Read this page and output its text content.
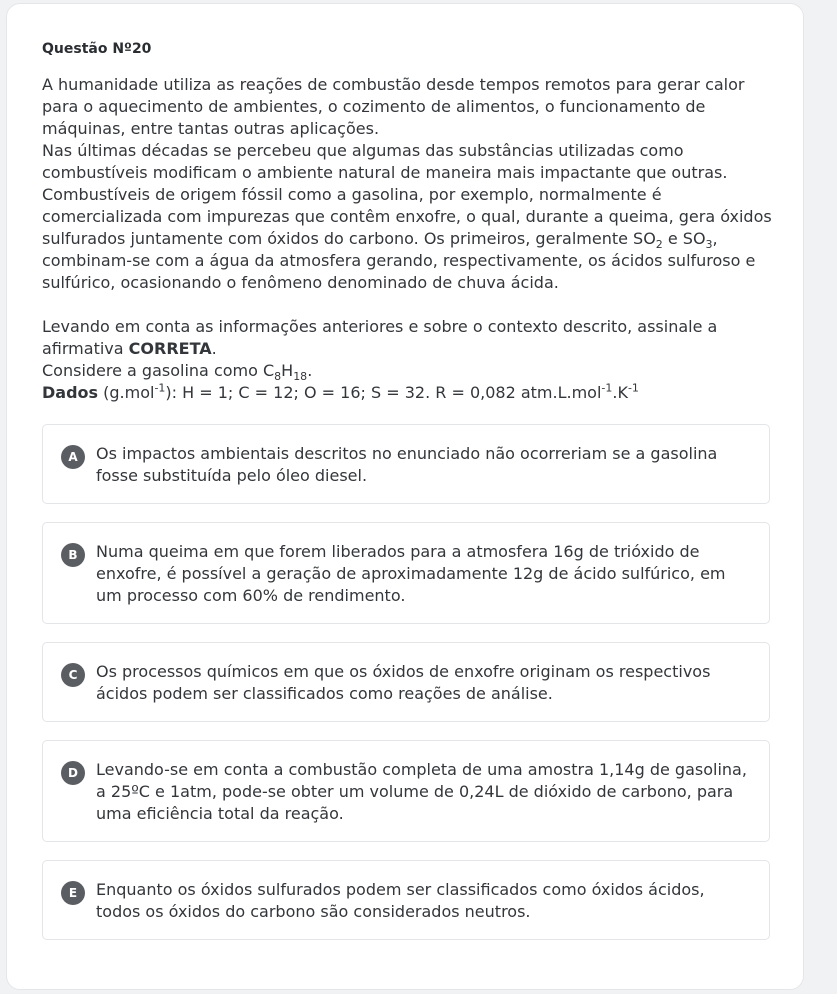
Questão Nº20

A humanidade utiliza as reações de combustão desde tempos remotos para gerar calor para o aquecimento de ambientes, o cozimento de alimentos, o funcionamento de máquinas, entre tantas outras aplicações.

Nas últimas décadas se percebeu que algumas das substâncias utilizadas como combustíveis modificam o ambiente natural de maneira mais impactante que outras.

Combustíveis de origem fóssil como a gasolina, por exemplo, normalmente é comercializada com impurezas que contêm enxofre, o qual, durante a queima, gera óxidos sulfurados juntamente com óxidos do carbono. Os primeiros, geralmente $SO_2$ e $SO_3$, combinam-se com a água da atmosfera gerando, respectivamente, os ácidos sulfuroso e sulfúrico, ocasionando o fenômeno denominado de chuva ácida.

Levando em conta as informações anteriores e sobre o contexto descrito, assinale a afirmativa CORRETA.

Considere a gasolina como $C_8H_{18}$.

Dados (g.mol$^{-1}$): H = 1; C = 12; O = 16; S = 32. R = 0,082 $atm.L.mol^{-1}.K^{-1}$

A	Os impactos ambientais descritos no enunciado não ocorreriam se a gasolina fosse substituída pelo óleo diesel.
B	Numa queima em que forem liberados para a atmosfera 16g de trióxido de enxofre, é possível a geração de aproximadamente 12g de ácido sulfúrico, em um processo com 60% de rendimento.
C	Os processos químicos em que os óxidos de enxofre originam os respectivos ácidos podem ser classificados como reações de análise.
D	Levando-se em conta a combustão completa de uma amostra 1,14g de gasolina, a 25ºC e 1atm, pode-se obter um volume de 0,24L de dióxido de carbono, para uma eficiência total da reação.
E	Enquanto os óxidos sulfurados podem ser classificados como óxidos ácidos, todos os óxidos do carbono são considerados neutros.
